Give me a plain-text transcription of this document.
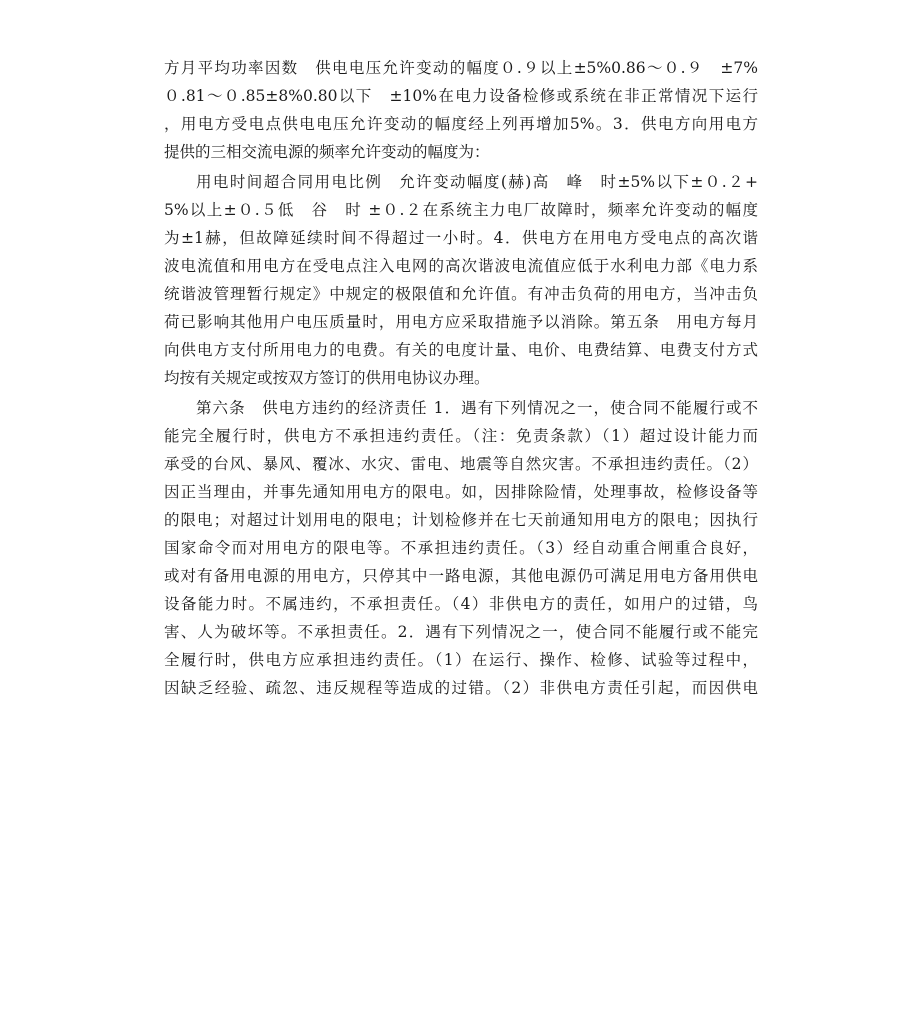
方月平均功率因数　供电电压允许变动的幅度０.９以上±5%0.86～０.９　±7%
０.81～０.85±8%0.80以下　±10%在电力设备检修或系统在非正常情况下运行
，用电方受电点供电电压允许变动的幅度经上列再增加5%。3．供电方向用电方
提供的三相交流电源的频率允许变动的幅度为：
用电时间超合同用电比例　允许变动幅度(赫)高　峰　时±5%以下±０.２+
5%以上±０.５低　谷　时 ±０.２在系统主力电厂故障时，频率允许变动的幅度
为±1赫，但故障延续时间不得超过一小时。4．供电方在用电方受电点的高次谐
波电流值和用电方在受电点注入电网的高次谐波电流值应低于水利电力部《电力系
统谐波管理暂行规定》中规定的极限值和允许值。有冲击负荷的用电方，当冲击负
荷已影响其他用户电压质量时，用电方应采取措施予以消除。第五条　用电方每月
向供电方支付所用电力的电费。有关的电度计量、电价、电费结算、电费支付方式
均按有关规定或按双方签订的供用电协议办理。
第六条　供电方违约的经济责任 1．遇有下列情况之一，使合同不能履行或不
能完全履行时，供电方不承担违约责任。（注：免责条款）（1）超过设计能力而
承受的台风、暴风、覆冰、水灾、雷电、地震等自然灾害。不承担违约责任。（2）
因正当理由，并事先通知用电方的限电。如，因排除险情，处理事故，检修设备等
的限电；对超过计划用电的限电；计划检修并在七天前通知用电方的限电；因执行
国家命令而对用电方的限电等。不承担违约责任。（3）经自动重合闸重合良好，
或对有备用电源的用电方，只停其中一路电源，其他电源仍可满足用电方备用供电
设备能力时。不属违约，不承担责任。（4）非供电方的责任，如用户的过错，鸟
害、人为破坏等。不承担责任。2．遇有下列情况之一，使合同不能履行或不能完
全履行时，供电方应承担违约责任。（1）在运行、操作、检修、试验等过程中，
因缺乏经验、疏忽、违反规程等造成的过错。（2）非供电方责任引起，而因供电
